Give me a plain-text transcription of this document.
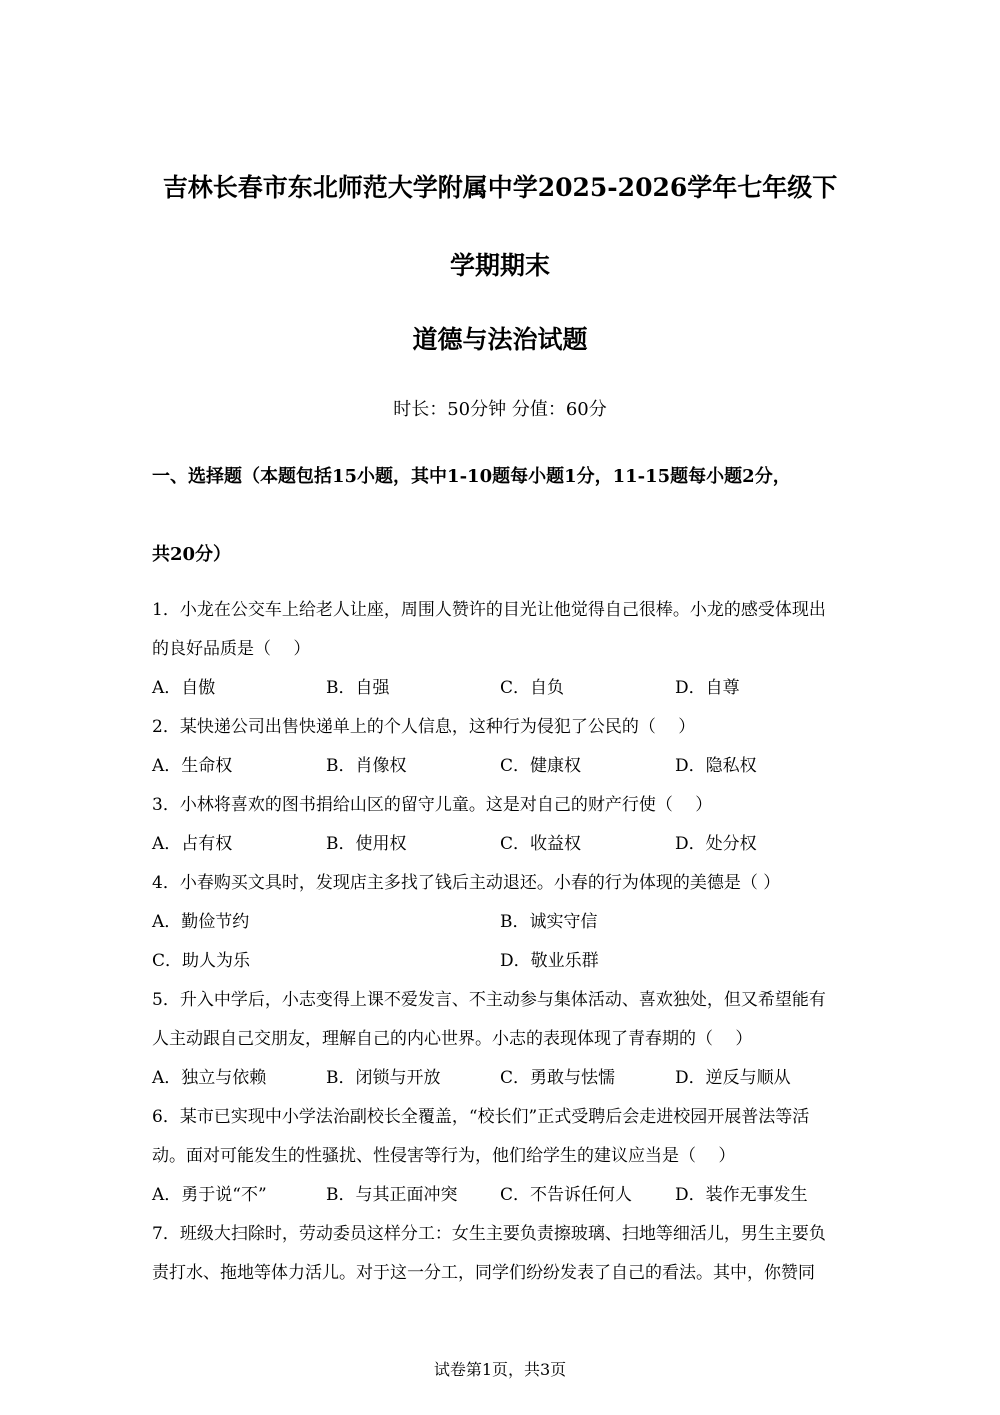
吉林长春市东北师范大学附属中学2025-2026学年七年级下
学期期末
道德与法治试题
时长：50分钟 分值：60分
一、选择题（本题包括15小题，其中1-10题每小题1分，11-15题每小题2分，
共20分）
1．小龙在公交车上给老人让座，周围人赞许的目光让他觉得自己很棒。小龙的感受体现出
的良好品质是（　 ）
A．自傲	B．自强	C．自负	D．自尊
2．某快递公司出售快递单上的个人信息，这种行为侵犯了公民的（　 ）
A．生命权	B．肖像权	C．健康权	D．隐私权
3．小林将喜欢的图书捐给山区的留守儿童。这是对自己的财产行使（　 ）
A．占有权	B．使用权	C．收益权	D．处分权
4．小春购买文具时，发现店主多找了钱后主动退还。小春的行为体现的美德是（ ）
A．勤俭节约	B．诚实守信
C．助人为乐	D．敬业乐群
5．升入中学后，小志变得上课不爱发言、不主动参与集体活动、喜欢独处，但又希望能有
人主动跟自己交朋友，理解自己的内心世界。小志的表现体现了青春期的（　 ）
A．独立与依赖	B．闭锁与开放	C．勇敢与怯懦	D．逆反与顺从
6．某市已实现中小学法治副校长全覆盖，“校长们”正式受聘后会走进校园开展普法等活
动。面对可能发生的性骚扰、性侵害等行为，他们给学生的建议应当是（　 ）
A．勇于说“不”	B．与其正面冲突	C．不告诉任何人	D．装作无事发生
7．班级大扫除时，劳动委员这样分工：女生主要负责擦玻璃、扫地等细活儿，男生主要负
责打水、拖地等体力活儿。对于这一分工，同学们纷纷发表了自己的看法。其中，你赞同
试卷第1页，共3页
